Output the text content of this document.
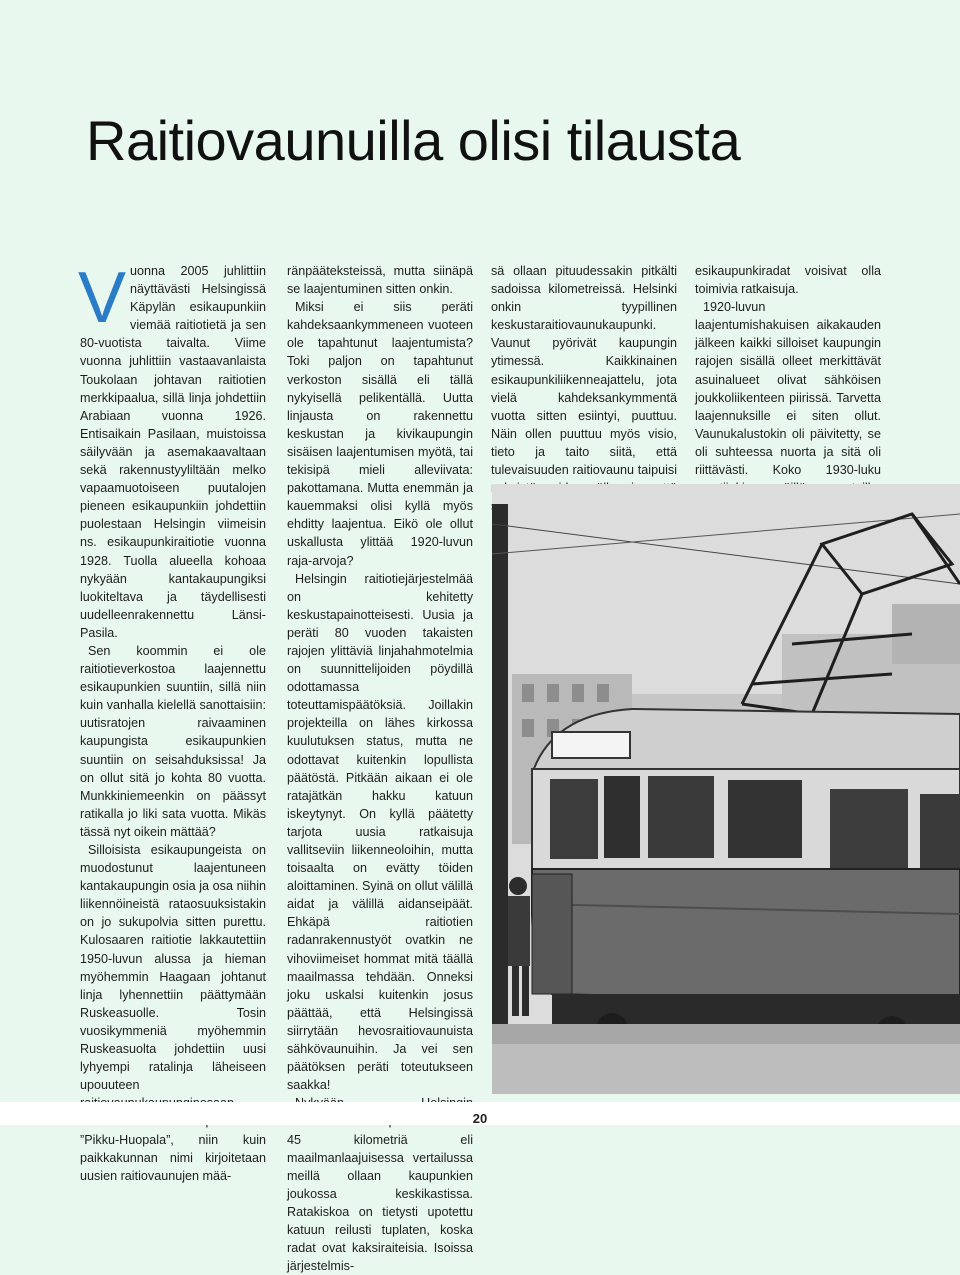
Raitiovaunuilla olisi tilausta

Vuonna 2005 juhlittiin näyttävästi Helsingissä Käpylän esikaupunkiin viemää raitiotietä ja sen 80-vuotista taivalta. Viime vuonna juhlittiin vastaavanlaista Toukolaan johtavan raitiotien merkkipaalua, sillä linja johdettiin Arabiaan vuonna 1926. Entisaikain Pasilaan, muistoissa säilyvään ja asemakaavaltaan sekä rakennustyyliltään melko vapaamuotoiseen puutalojen pieneen esikaupunkiin johdettiin puolestaan Helsingin viimeisin ns. esikaupunkiraitiotie vuonna 1928. Tuolla alueella kohoaa nykyään kantakaupungiksi luokiteltava ja täydellisesti uudelleenrakennettu Länsi-Pasila.

Sen koommin ei ole raitiotieverkostoa laajennettu esikaupunkien suuntiin, sillä niin kuin vanhalla kielellä sanottaisiin: uutisratojen raivaaminen kaupungista esikaupunkien suuntiin on seisahduksissa! Ja on ollut sitä jo kohta 80 vuotta. Munkkiniemeenkin on päässyt ratikalla jo liki sata vuotta. Mikäs tässä nyt oikein mättää?

Silloisista esikaupungeista on muodostunut laajentuneen kantakaupungin osia ja osa niihin liikennöineistä rataosuuksistakin on jo sukupolvia sitten purettu. Kulosaaren raitiotie lakkautettiin 1950-luvun alussa ja hieman myöhemmin Haagaan johtanut linja lyhennettiin päättymään Ruskeasuolle. Tosin vuosikymmeniä myöhemmin Ruskeasuolta johdettiin uusi lyhyempi ratalinja läheiseen upouuteen ”Pikku-Huopala”, niin kuin paikkakunnan nimi kirjoitetaan uusien raitiovaunujen mää-

ränpääteksteissä, mutta siinäpä se laajentuminen sitten onkin.

Miksi ei siis peräti kahdeksaankymmeneen vuoteen ole tapahtunut laajentumista? Toki paljon on tapahtunut verkoston sisällä eli tällä nykyisellä pelikentällä. Uutta linjausta on rakennettu keskustan ja kivikaupungin sisäisen laajentumisen myötä, tai tekisipä mieli alleviivata: pakottamana. Mutta enemmän ja kauemmaksi olisi kyllä myös ehditty laajentua. Eikö ole ollut uskallusta ylittää 1920-luvun raja-arvoja?

Helsingin raitiotiejärjestelmää on kehitetty keskustapainotteisesti. Uusia ja peräti 80 vuoden takaisten rajojen ylittäviä linjahahmotelmia on suunnittelijoiden pöydillä odottamassa toteuttamispäätöksiä. Joillakin projekteilla on lähes kirkossa kuulutuksen status, mutta ne odottavat kuitenkin lopullista päätöstä. Pitkään aikaan ei ole ratajätkän hakku katuun iskeytynyt. On kyllä päätetty tarjota uusia ratkaisuja vallitseviin liikenneoloihin, mutta toisaalta on evätty töiden aloittaminen. Syinä on ollut välillä aidat ja välillä aidanseipäät. Ehkäpä raitiotien radanrakennustyöt ovatkin ne vihoviimeiset hommat mitä täällä maailmassa tehdään. Onneksi joku uskalsi kuitenkin josus päättää, että Helsingissä siirrytään hevosraitiovaunuista sähkövaunuihin. Ja vei sen päätöksen peräti toteutukseen saakka!

45 kilometriä eli maailmanlaajuisessa vertailussa meillä ollaan kaupunkien joukossa keskikastissa. Ratakiskoa on tietysti upotettu katuun reilusti tuplaten, koska radat ovat kaksiraiteisia. Isoissa järjestelmis-

sä ollaan pituudessakin pitkälti sadoissa kilometreissä. Helsinki onkin tyypillinen keskustaraitiovaunukaupunki. Vaunut pyörivät kaupungin ytimessä. Kaikkinainen esikaupunkiliikenneajattelu, jota vielä kahdeksankymmentä vuotta sitten esiintyi, puuttuu. Näin ollen puuttuu myös visio, tieto ja taito siitä, että tulevaisuuden raitiovaunu taipuisi

esikaupunkiradat voisivat olla toimivia ratkaisuja.

1920-luvun laajentumishakuisen aikakauden jälkeen kaikki silloiset kaupungin rajojen sisällä olleet merkittävät asuinalueet olivat sähköisen joukkoliikenteen piirissä. Tarvetta laajennuksille ei siten ollut. Vaunukalustokin oli päivitetty, se oli suhteessa nuorta ja sitä oli riittävästi. Koko 1930-luku

20
